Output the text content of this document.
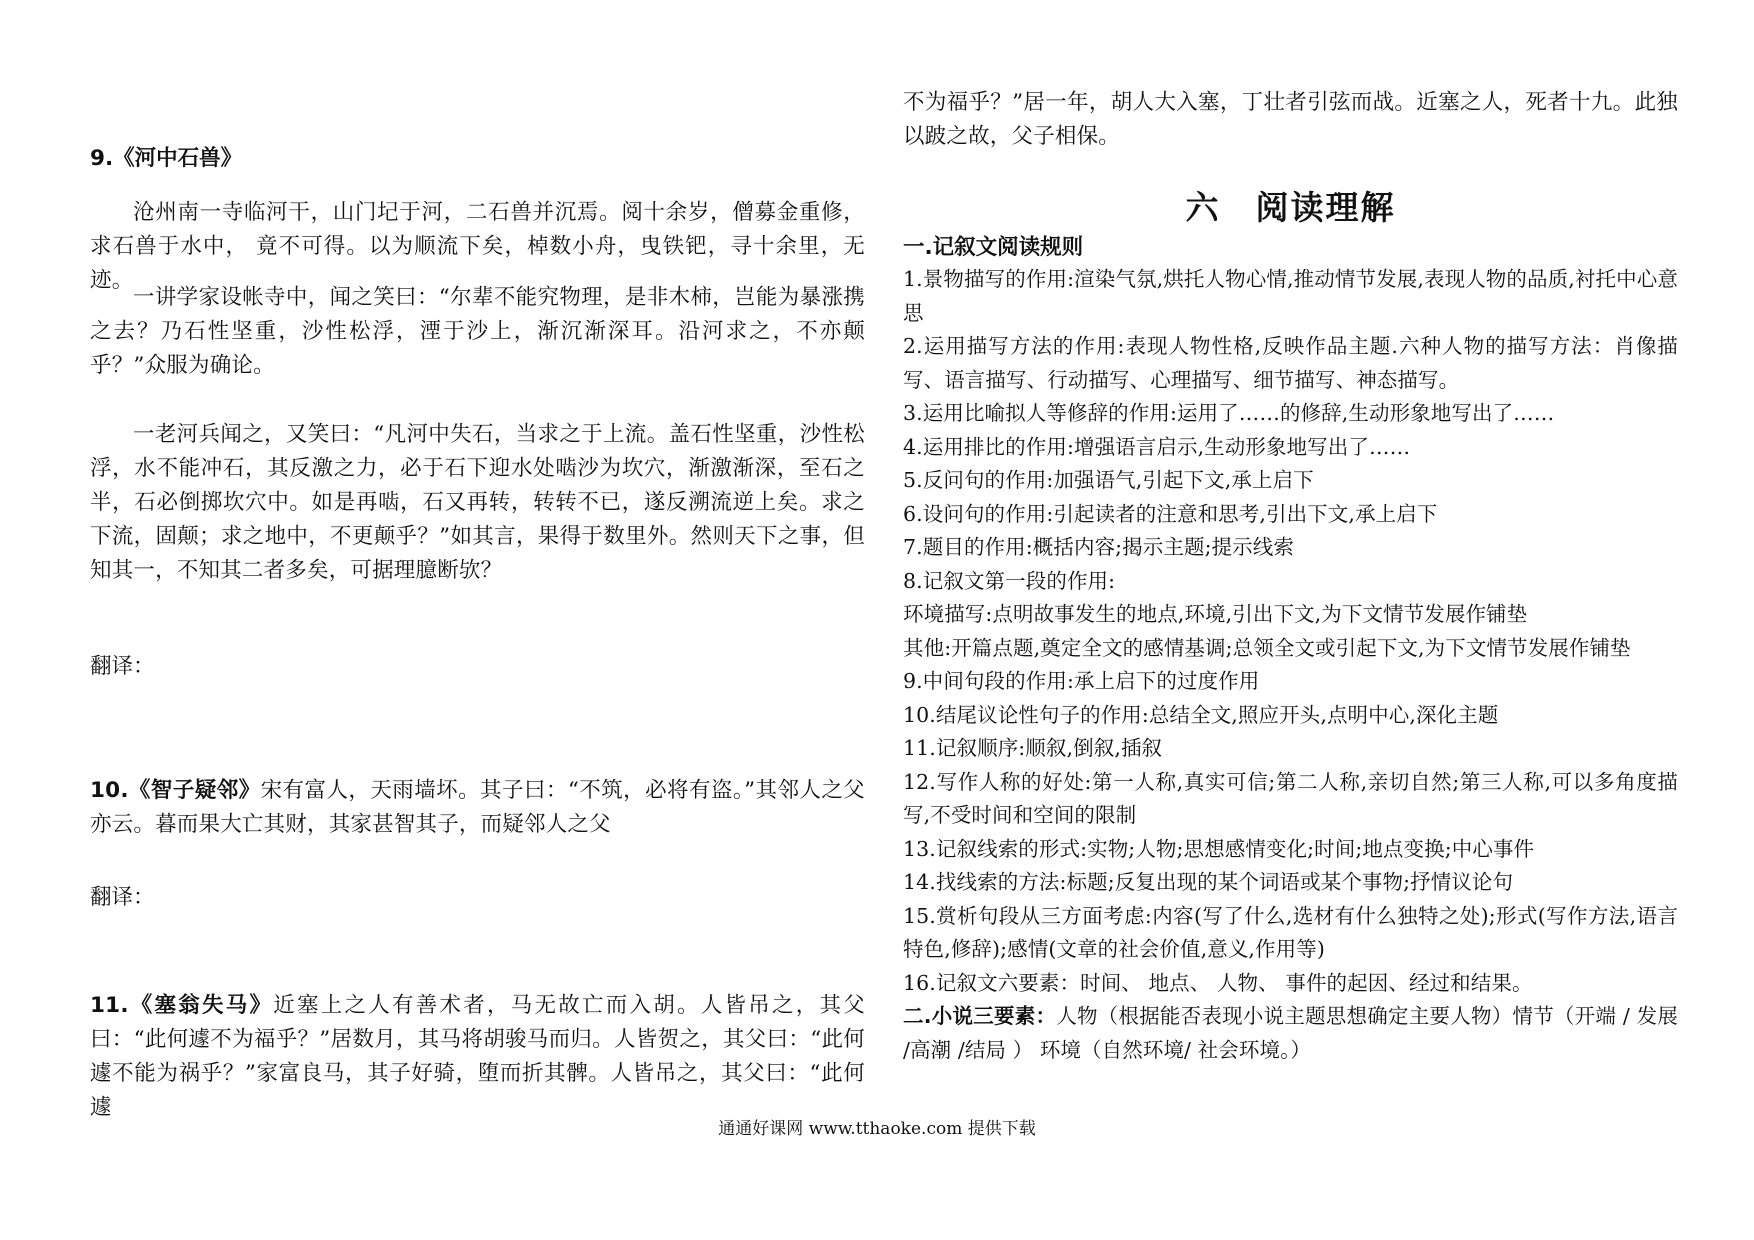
9.《河中石兽》

沧州南一寺临河干，山门圮于河，二石兽并沉焉。阅十余岁，僧募金重修，求石兽于水中， 竟不可得。以为顺流下矣，棹数小舟，曳铁钯，寻十余里，无迹。

一讲学家设帐寺中，闻之笑曰：“尔辈不能究物理，是非木柿，岂能为暴涨携之去？乃石性坚重，沙性松浮，湮于沙上，渐沉渐深耳。沿河求之，不亦颠乎？”众服为确论。

一老河兵闻之，又笑曰：“凡河中失石，当求之于上流。盖石性坚重，沙性松浮，水不能冲石，其反激之力，必于石下迎水处啮沙为坎穴，渐激渐深，至石之半，石必倒掷坎穴中。如是再啮，石又再转，转转不已，遂反溯流逆上矣。求之下流，固颠；求之地中，不更颠乎？”如其言，果得于数里外。然则天下之事，但知其一，不知其二者多矣，可据理臆断欤？

翻译：

10.《智子疑邻》宋有富人，天雨墙坏。其子曰：“不筑，必将有盗。”其邻人之父亦云。暮而果大亡其财，其家甚智其子，而疑邻人之父

翻译：

11.《塞翁失马》近塞上之人有善术者，马无故亡而入胡。人皆吊之，其父曰：“此何遽不为福乎？”居数月，其马将胡骏马而归。人皆贺之，其父曰：“此何遽不能为祸乎？”家富良马，其子好骑，堕而折其髀。人皆吊之，其父曰：“此何遽

不为福乎？”居一年，胡人大入塞，丁壮者引弦而战。近塞之人，死者十九。此独以跛之故，父子相保。

六　阅读理解

一.记叙文阅读规则

1.景物描写的作用:渲染气氛,烘托人物心情,推动情节发展,表现人物的品质,衬托中心意思
2.运用描写方法的作用:表现人物性格,反映作品主题.六种人物的描写方法：肖像描写、语言描写、行动描写、心理描写、细节描写、神态描写。
3.运用比喻拟人等修辞的作用:运用了……的修辞,生动形象地写出了……
4.运用排比的作用:增强语言启示,生动形象地写出了……
5.反问句的作用:加强语气,引起下文,承上启下
6.设问句的作用:引起读者的注意和思考,引出下文,承上启下
7.题目的作用:概括内容;揭示主题;提示线索
8.记叙文第一段的作用:
环境描写:点明故事发生的地点,环境,引出下文,为下文情节发展作铺垫
其他:开篇点题,奠定全文的感情基调;总领全文或引起下文,为下文情节发展作铺垫
9.中间句段的作用:承上启下的过度作用
10.结尾议论性句子的作用:总结全文,照应开头,点明中心,深化主题
11.记叙顺序:顺叙,倒叙,插叙
12.写作人称的好处:第一人称,真实可信;第二人称,亲切自然;第三人称,可以多角度描写,不受时间和空间的限制
13.记叙线索的形式:实物;人物;思想感情变化;时间;地点变换;中心事件
14.找线索的方法:标题;反复出现的某个词语或某个事物;抒情议论句
15.赏析句段从三方面考虑:内容(写了什么,选材有什么独特之处);形式(写作方法,语言特色,修辞);感情(文章的社会价值,意义,作用等)
16.记叙文六要素：时间、 地点、 人物、 事件的起因、经过和结果。
二.小说三要素：人物（根据能否表现小说主题思想确定主要人物）情节（开端 / 发展 /高潮 /结局 ） 环境（自然环境/ 社会环境。）

通通好课网 www.tthaoke.com 提供下载
